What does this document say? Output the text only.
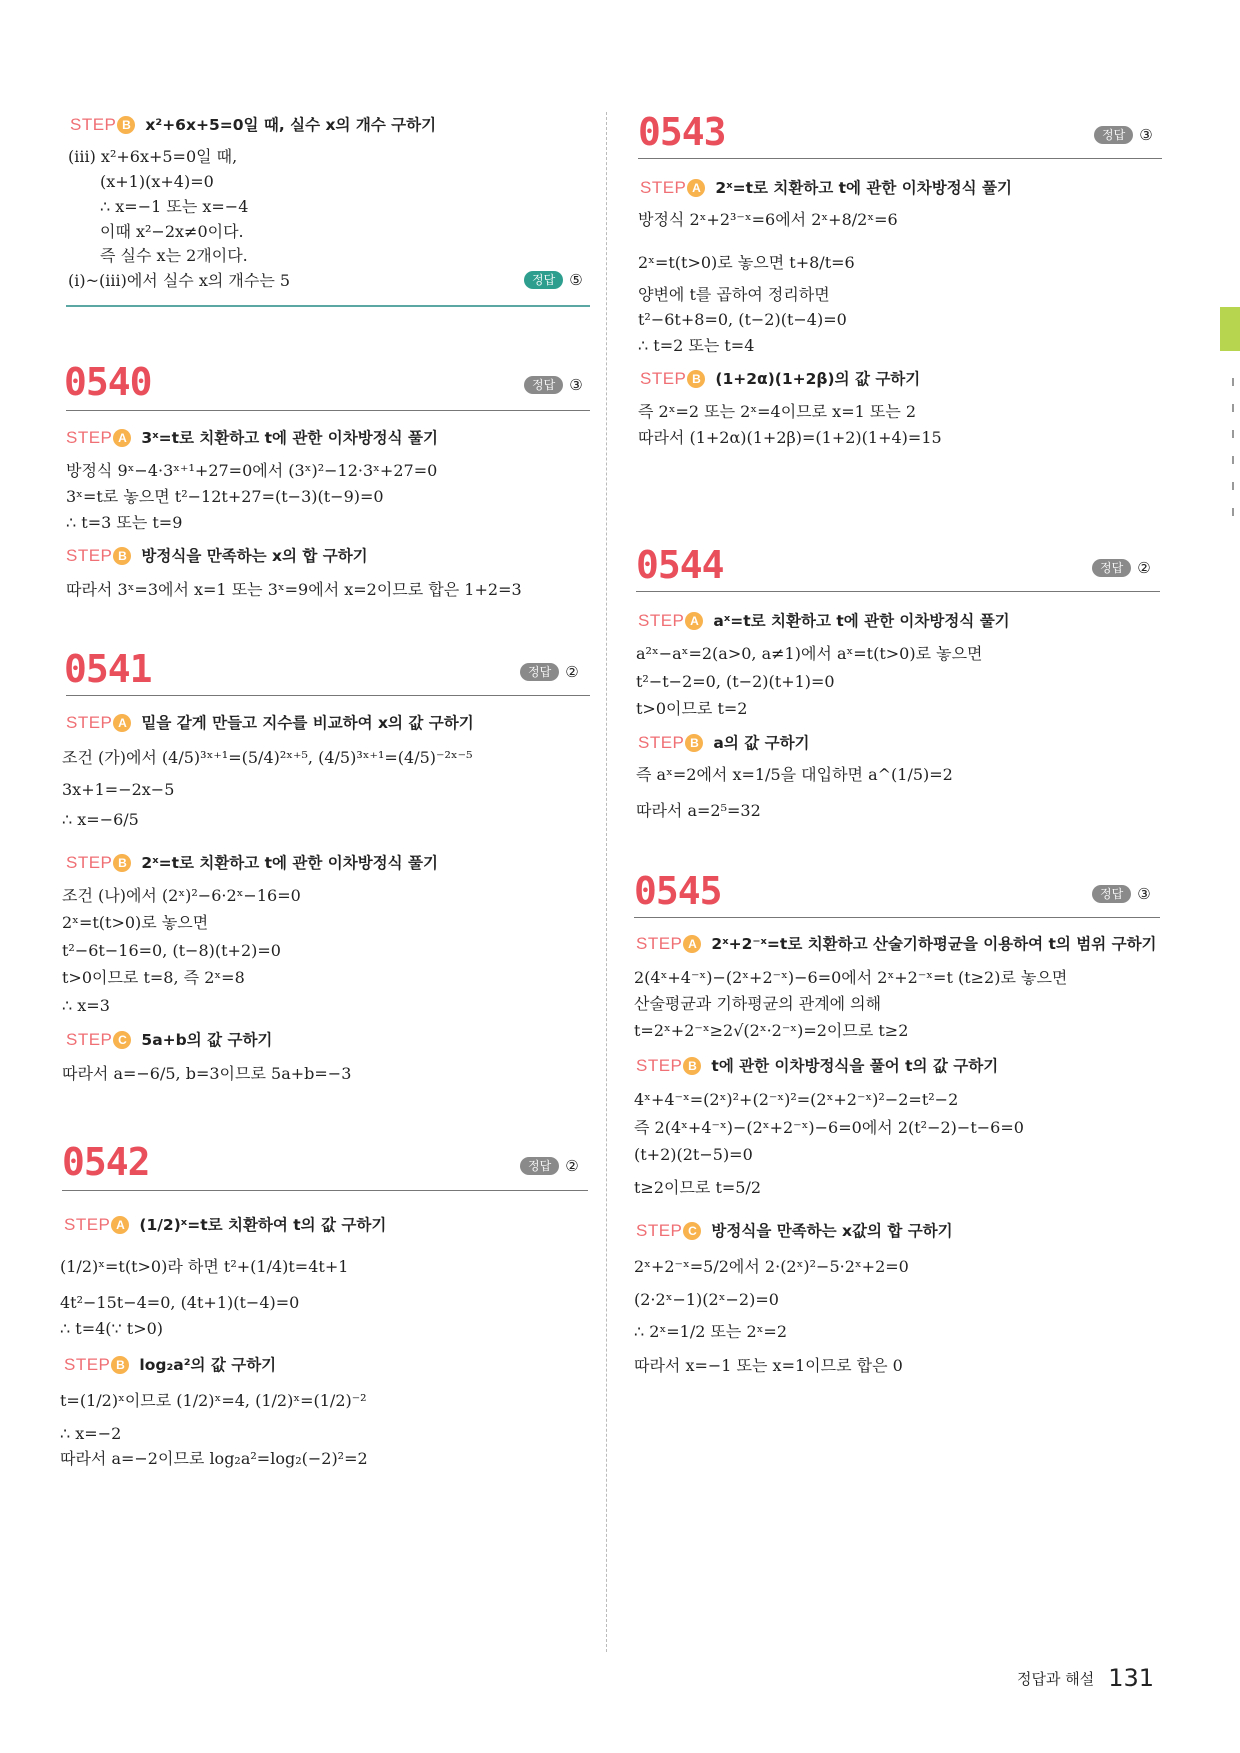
STEP B x²+6x+5=0일 때, 실수 x의 개수 구하기
(ⅲ) x²+6x+5=0일 때,
(x+1)(x+4)=0
∴ x=−1 또는 x=−4
이때 x²−2x≠0이다.
즉 실수 x는 2개이다.
(ⅰ)~(ⅲ)에서 실수 x의 개수는 5	정답 ⑤
0540	정답 ③
STEP A 3ˣ=t로 치환하고 t에 관한 이차방정식 풀기
방정식 9ˣ−4·3ˣ⁺¹+27=0에서 (3ˣ)²−12·3ˣ+27=0
3ˣ=t로 놓으면 t²−12t+27=(t−3)(t−9)=0
∴ t=3 또는 t=9
STEP B 방정식을 만족하는 x의 합 구하기
따라서 3ˣ=3에서 x=1 또는 3ˣ=9에서 x=2이므로 합은 1+2=3
0541	정답 ②
STEP A 밑을 같게 만들고 지수를 비교하여 x의 값 구하기
조건 (가)에서 (4/5)³ˣ⁺¹=(5/4)²ˣ⁺⁵, (4/5)³ˣ⁺¹=(4/5)⁻²ˣ⁻⁵
3x+1=−2x−5
∴ x=−6/5
STEP B 2ˣ=t로 치환하고 t에 관한 이차방정식 풀기
조건 (나)에서 (2ˣ)²−6·2ˣ−16=0
2ˣ=t(t>0)로 놓으면
t²−6t−16=0, (t−8)(t+2)=0
t>0이므로 t=8, 즉 2ˣ=8
∴ x=3
STEP C 5a+b의 값 구하기
따라서 a=−6/5, b=3이므로 5a+b=−3
0542	정답 ②
STEP A (1/2)ˣ=t로 치환하여 t의 값 구하기
(1/2)ˣ=t(t>0)라 하면 t²+(1/4)t=4t+1
4t²−15t−4=0, (4t+1)(t−4)=0
∴ t=4(∵ t>0)
STEP B log₂a²의 값 구하기
t=(1/2)ˣ이므로 (1/2)ˣ=4, (1/2)ˣ=(1/2)⁻²
∴ x=−2
따라서 a=−2이므로 log₂a²=log₂(−2)²=2
0543	정답 ③
STEP A 2ˣ=t로 치환하고 t에 관한 이차방정식 풀기
방정식 2ˣ+2³⁻ˣ=6에서 2ˣ+8/2ˣ=6
2ˣ=t(t>0)로 놓으면 t+8/t=6
양변에 t를 곱하여 정리하면
t²−6t+8=0, (t−2)(t−4)=0
∴ t=2 또는 t=4
STEP B (1+2α)(1+2β)의 값 구하기
즉 2ˣ=2 또는 2ˣ=4이므로 x=1 또는 2
따라서 (1+2α)(1+2β)=(1+2)(1+4)=15
0544	정답 ②
STEP A aˣ=t로 치환하고 t에 관한 이차방정식 풀기
a²ˣ−aˣ=2(a>0, a≠1)에서 aˣ=t(t>0)로 놓으면
t²−t−2=0, (t−2)(t+1)=0
t>0이므로 t=2
STEP B a의 값 구하기
즉 aˣ=2에서 x=1/5을 대입하면 a^(1/5)=2
따라서 a=2⁵=32
0545	정답 ③
STEP A 2ˣ+2⁻ˣ=t로 치환하고 산술기하평균을 이용하여 t의 범위 구하기
2(4ˣ+4⁻ˣ)−(2ˣ+2⁻ˣ)−6=0에서 2ˣ+2⁻ˣ=t (t≥2)로 놓으면
산술평균과 기하평균의 관계에 의해
t=2ˣ+2⁻ˣ≥2√(2ˣ·2⁻ˣ)=2이므로 t≥2
STEP B t에 관한 이차방정식을 풀어 t의 값 구하기
4ˣ+4⁻ˣ=(2ˣ)²+(2⁻ˣ)²=(2ˣ+2⁻ˣ)²−2=t²−2
즉 2(4ˣ+4⁻ˣ)−(2ˣ+2⁻ˣ)−6=0에서 2(t²−2)−t−6=0
(t+2)(2t−5)=0
t≥2이므로 t=5/2
STEP C 방정식을 만족하는 x값의 합 구하기
2ˣ+2⁻ˣ=5/2에서 2·(2ˣ)²−5·2ˣ+2=0
(2·2ˣ−1)(2ˣ−2)=0
∴ 2ˣ=1/2 또는 2ˣ=2
따라서 x=−1 또는 x=1이므로 합은 0
정답과 해설 131
